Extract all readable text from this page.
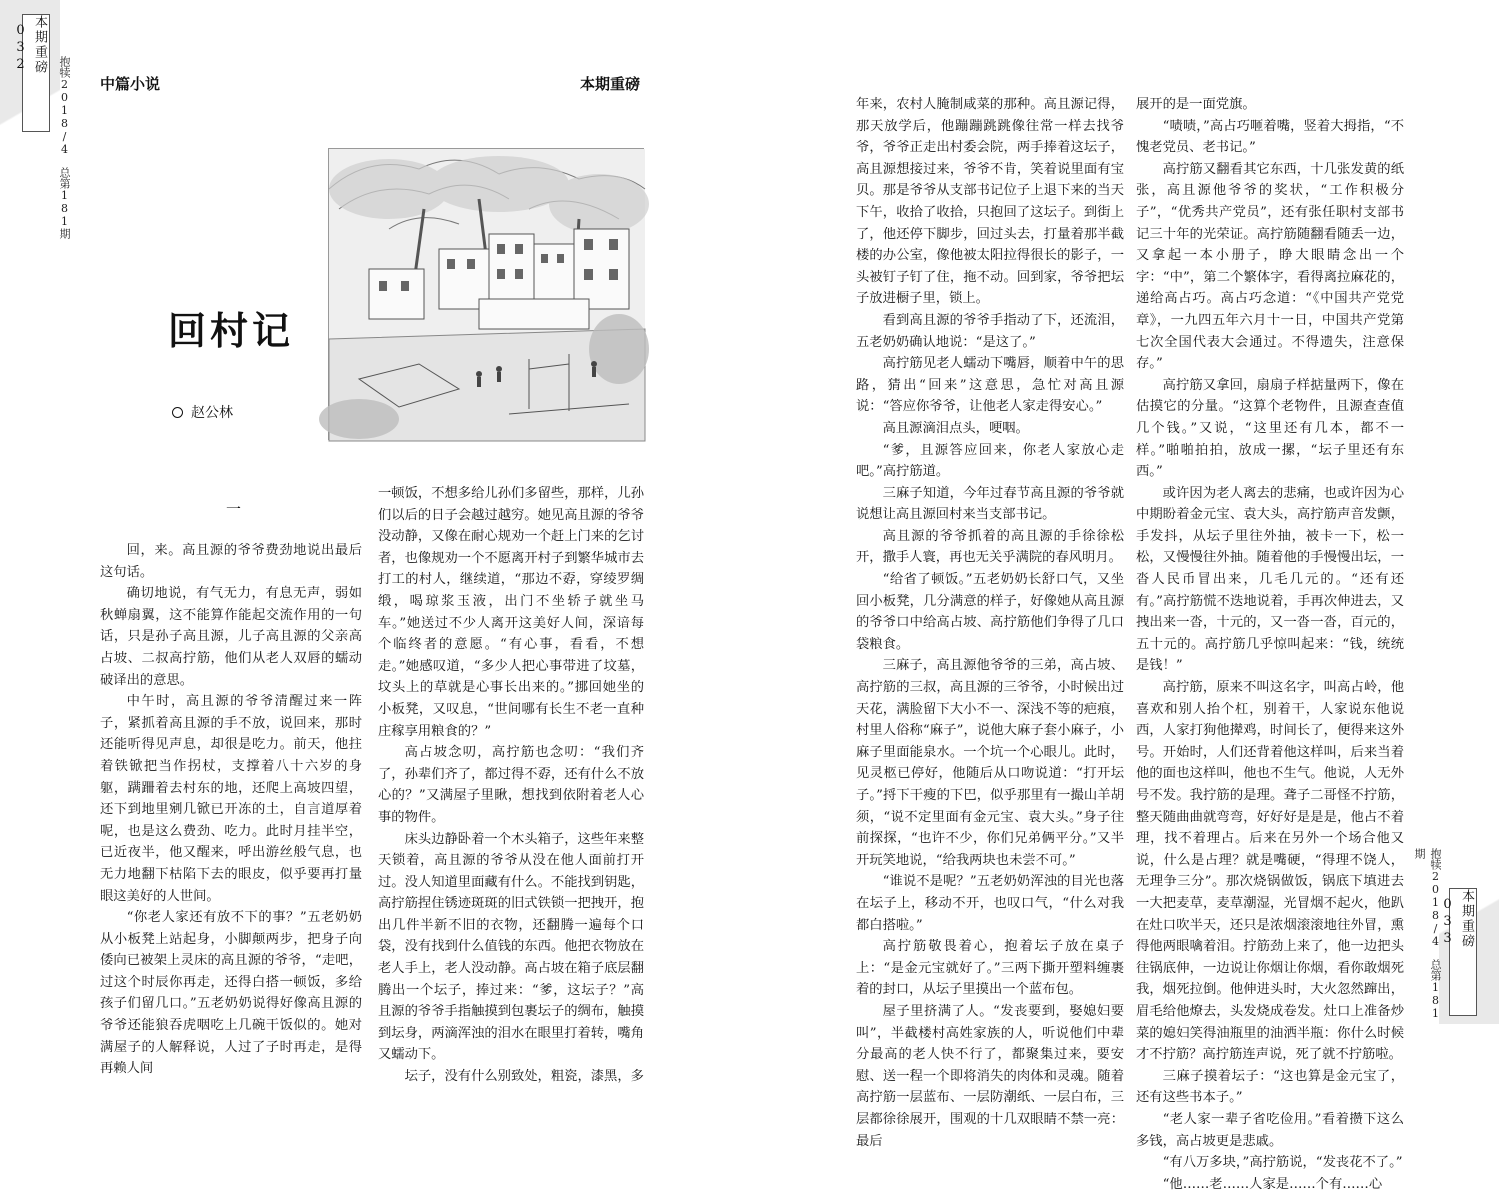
本期重磅 032
抱犊2018/4　总第181期
本期重磅 033
抱犊2018/4　总第181期
中篇小说	本期重磅
回村记
赵公林
一

回，来。高且源的爷爷费劲地说出最后这句话。

确切地说，有气无力，有息无声，弱如秋蝉扇翼，这不能算作能起交流作用的一句话，只是孙子高且源，儿子高且源的父亲高占坡、二叔高拧筋，他们从老人双唇的蠕动破译出的意思。

中午时，高且源的爷爷清醒过来一阵子，紧抓着高且源的手不放，说回来，那时还能听得见声息，却很是吃力。前天，他拄着铁锨把当作拐杖，支撑着八十六岁的身躯，蹒跚着去村东的地，还爬上高坡四望，还下到地里剜几锨已开冻的土，自言道厚着呢，也是这么费劲、吃力。此时月挂半空，已近夜半，他又醒来，呼出游丝般气息，也无力地翻下枯陷下去的眼皮，似乎要再打量眼这美好的人世间。

“你老人家还有放不下的事？”五老奶奶从小板凳上站起身，小脚颠两步，把身子向倭向已被架上灵床的高且源的爷爷，“走吧，过这个时辰你再走，还得白搭一顿饭，多给孩子们留几口。”五老奶奶说得好像高且源的爷爷还能狼吞虎咽吃上几碗干饭似的。她对满屋子的人解释说，人过了子时再走，是得再赖人间

一顿饭，不想多给儿孙们多留些，那样，儿孙们以后的日子会越过越穷。她见高且源的爷爷没动静，又像在耐心规劝一个赶上门来的乞讨者，也像规劝一个不愿离开村子到繁华城市去打工的村人，继续道，“那边不孬，穿绫罗绸缎，喝琼浆玉液，出门不坐轿子就坐马车。”她送过不少人离开这美好人间，深谙每个临终者的意愿。“有心事，看看，不想走。”她感叹道，“多少人把心事带进了坟墓，坟头上的草就是心事长出来的。”挪回她坐的小板凳，又叹息，“世间哪有长生不老一直种庄稼享用粮食的？”

高占坡念叨，高拧筋也念叨：“我们齐了，孙辈们齐了，都过得不孬，还有什么不放心的？”又满屋子里瞅，想找到依附着老人心事的物件。

床头边静卧着一个木头箱子，这些年来整天锁着，高且源的爷爷从没在他人面前打开过。没人知道里面藏有什么。不能找到钥匙，高拧筋捏住锈迹斑斑的旧式铁锁一把拽开，抱出几件半新不旧的衣物，还翻腾一遍每个口袋，没有找到什么值钱的东西。他把衣物放在老人手上，老人没动静。高占坡在箱子底层翻腾出一个坛子，捧过来：“爹，这坛子？”高且源的爷爷手指触摸到包裹坛子的绸布，触摸到坛身，两滴浑浊的泪水在眼里打着转，嘴角又蠕动下。

坛子，没有什么别致处，粗瓷，漆黑，多

年来，农村人腌制咸菜的那种。高且源记得，那天放学后，他蹦蹦跳跳像往常一样去找爷爷，爷爷正走出村委会院，两手捧着这坛子，高且源想接过来，爷爷不肯，笑着说里面有宝贝。那是爷爷从支部书记位子上退下来的当天下午，收拾了收拾，只抱回了这坛子。到街上了，他还停下脚步，回过头去，打量着那半截楼的办公室，像他被太阳拉得很长的影子，一头被钉子钉了住，拖不动。回到家，爷爷把坛子放进橱子里，锁上。

看到高且源的爷爷手指动了下，还流泪，五老奶奶确认地说：“是这了。”

高拧筋见老人蠕动下嘴唇，顺着中午的思路，猜出“回来”这意思，急忙对高且源说：“答应你爷爷，让他老人家走得安心。”

高且源滴泪点头，哽咽。

“爹，且源答应回来，你老人家放心走吧。”高拧筋道。

三麻子知道，今年过春节高且源的爷爷就说想让高且源回村来当支部书记。

高且源的爷爷抓着的高且源的手徐徐松开，撒手人寰，再也无关乎满院的春风明月。

“给省了顿饭。”五老奶奶长舒口气，又坐回小板凳，几分满意的样子，好像她从高且源的爷爷口中给高占坡、高拧筋他们争得了几口袋粮食。

三麻子，高且源他爷爷的三弟，高占坡、高拧筋的三叔，高且源的三爷爷，小时候出过天花，满脸留下大小不一、深浅不等的疤痕，村里人俗称“麻子”，说他大麻子套小麻子，小麻子里面能泉水。一个坑一个心眼儿。此时，见灵柩已停好，他随后从口吻说道：“打开坛子。”捋下干瘦的下巴，似乎那里有一撮山羊胡须，“说不定里面有金元宝、袁大头。”身子往前探探，“也许不少，你们兄弟俩平分。”又半开玩笑地说，“给我两块也未尝不可。”

“谁说不是呢？”五老奶奶浑浊的目光也落在坛子上，移动不开，也叹口气，“什么对我都白搭啦。”

高拧筋敬畏着心，抱着坛子放在桌子上：“是金元宝就好了。”三两下撕开塑料缠裹着的封口，从坛子里摸出一个蓝布包。

屋子里挤满了人。“发丧要到，娶媳妇要叫”，半截楼村高姓家族的人，听说他们中辈分最高的老人快不行了，都聚集过来，要安慰、送一程一个即将消失的肉体和灵魂。随着高拧筋一层蓝布、一层防潮纸、一层白布，三层都徐徐展开，围观的十几双眼睛不禁一亮：最后

展开的是一面党旗。

“啧啧，”高占巧咂着嘴，竖着大拇指，“不愧老党员、老书记。”

高拧筋又翻看其它东西，十几张发黄的纸张，高且源他爷爷的奖状，“工作积极分子”，“优秀共产党员”，还有张任职村支部书记三十年的光荣证。高拧筋随翻看随丢一边，又拿起一本小册子，睁大眼睛念出一个字：“中”，第二个繁体字，看得离拉麻花的，递给高占巧。高占巧念道：“《中国共产党党章》，一九四五年六月十一日，中国共产党第七次全国代表大会通过。不得遗失，注意保存。”

高拧筋又拿回，扇扇子样掂量两下，像在估摸它的分量。“这算个老物件，且源查查值几个钱。”又说，“这里还有几本，都不一样。”啪啪拍拍，放成一摞，“坛子里还有东西。”

或许因为老人离去的悲痛，也或许因为心中期盼着金元宝、袁大头，高拧筋声音发颤，手发抖，从坛子里往外抽，被卡一下，松一松，又慢慢往外抽。随着他的手慢慢出坛，一沓人民币冒出来，几毛几元的。“还有还有。”高拧筋慌不迭地说着，手再次伸进去，又拽出来一沓，十元的，又一沓一沓，百元的，五十元的。高拧筋几乎惊叫起来：“钱，统统是钱！”

高拧筋，原来不叫这名字，叫高占岭，他喜欢和别人抬个杠，别着干，人家说东他说西，人家打狗他撵鸡，时间长了，便得来这外号。开始时，人们还背着他这样叫，后来当着他的面也这样叫，他也不生气。他说，人无外号不发。我拧筋的是理。聋子二哥怪不拧筋，整天随曲曲就弯弯，好好好是是是，他占不着理，找不着理占。后来在另外一个场合他又说，什么是占理？就是嘴硬，“得理不饶人，无理争三分”。那次烧锅做饭，锅底下填进去一大把麦草，麦草潮湿，光冒烟不起火，他趴在灶口吹半天，还只是浓烟滚滚地往外冒，熏得他两眼噙着泪。拧筋劲上来了，他一边把头往锅底伸，一边说让你烟让你烟，看你敢烟死我，烟死拉倒。他伸进头时，大火忽然蹿出，眉毛给他燎去，头发烧成卷发。灶口上准备炒菜的媳妇笑得油瓶里的油洒半瓶：你什么时候才不拧筋？高拧筋连声说，死了就不拧筋啦。

三麻子摸着坛子：“这也算是金元宝了，还有这些书本子。”

“老人家一辈子省吃俭用。”看着攒下这么多钱，高占坡更是悲戚。

“有八万多块，”高拧筋说，“发丧花不了。”

“他……老……人家是……个有……心
